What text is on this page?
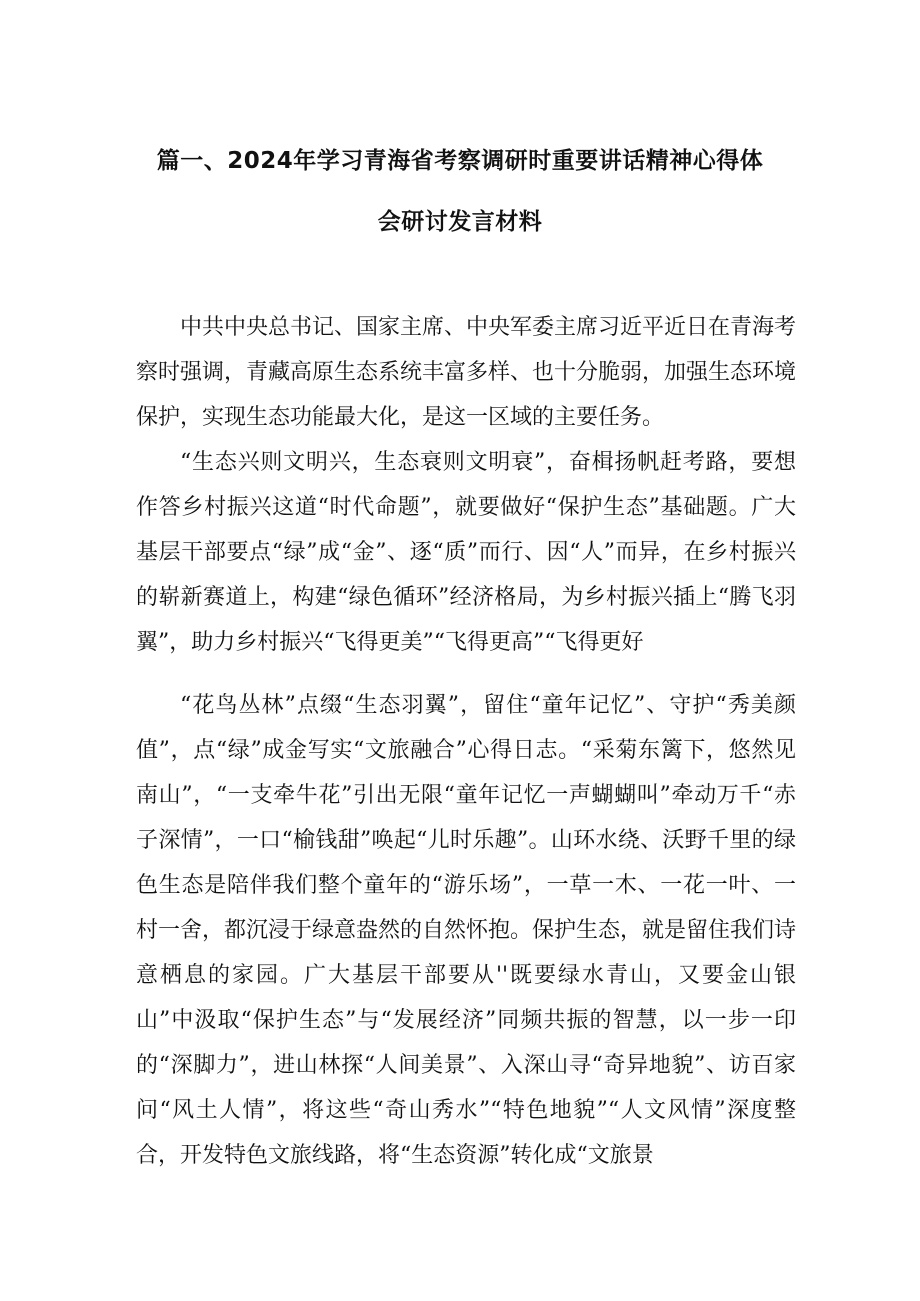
篇一、2024年学习青海省考察调研时重要讲话精神心得体
会研讨发言材料

中共中央总书记、国家主席、中央军委主席习近平近日在青海考察时强调，青藏高原生态系统丰富多样、也十分脆弱，加强生态环境保护，实现生态功能最大化，是这一区域的主要任务。

“生态兴则文明兴，生态衰则文明衰”，奋楫扬帆赶考路，要想作答乡村振兴这道“时代命题”，就要做好“保护生态”基础题。广大基层干部要点“绿”成“金”、逐“质”而行、因“人”而异，在乡村振兴的崭新赛道上，构建“绿色循环”经济格局，为乡村振兴插上“腾飞羽翼”，助力乡村振兴“飞得更美”“飞得更高”“飞得更好

“花鸟丛林”点缀“生态羽翼”，留住“童年记忆”、守护“秀美颜值”，点“绿”成金写实“文旅融合”心得日志。“采菊东篱下，悠然见南山”，“一支牵牛花”引出无限“童年记忆一声蝴蝴叫”牵动万千“赤子深情”，一口“榆钱甜”唤起“儿时乐趣”。山环水绕、沃野千里的绿色生态是陪伴我们整个童年的“游乐场”，一草一木、一花一叶、一村一舍，都沉浸于绿意盎然的自然怀抱。保护生态，就是留住我们诗意栖息的家园。广大基层干部要从''既要绿水青山，又要金山银山”中汲取“保护生态”与“发展经济”同频共振的智慧，以一步一印的“深脚力”，进山林探“人间美景”、入深山寻“奇异地貌”、访百家问“风土人情”，将这些“奇山秀水”“特色地貌”“人文风情”深度整合，开发特色文旅线路，将“生态资源”转化成“文旅景
